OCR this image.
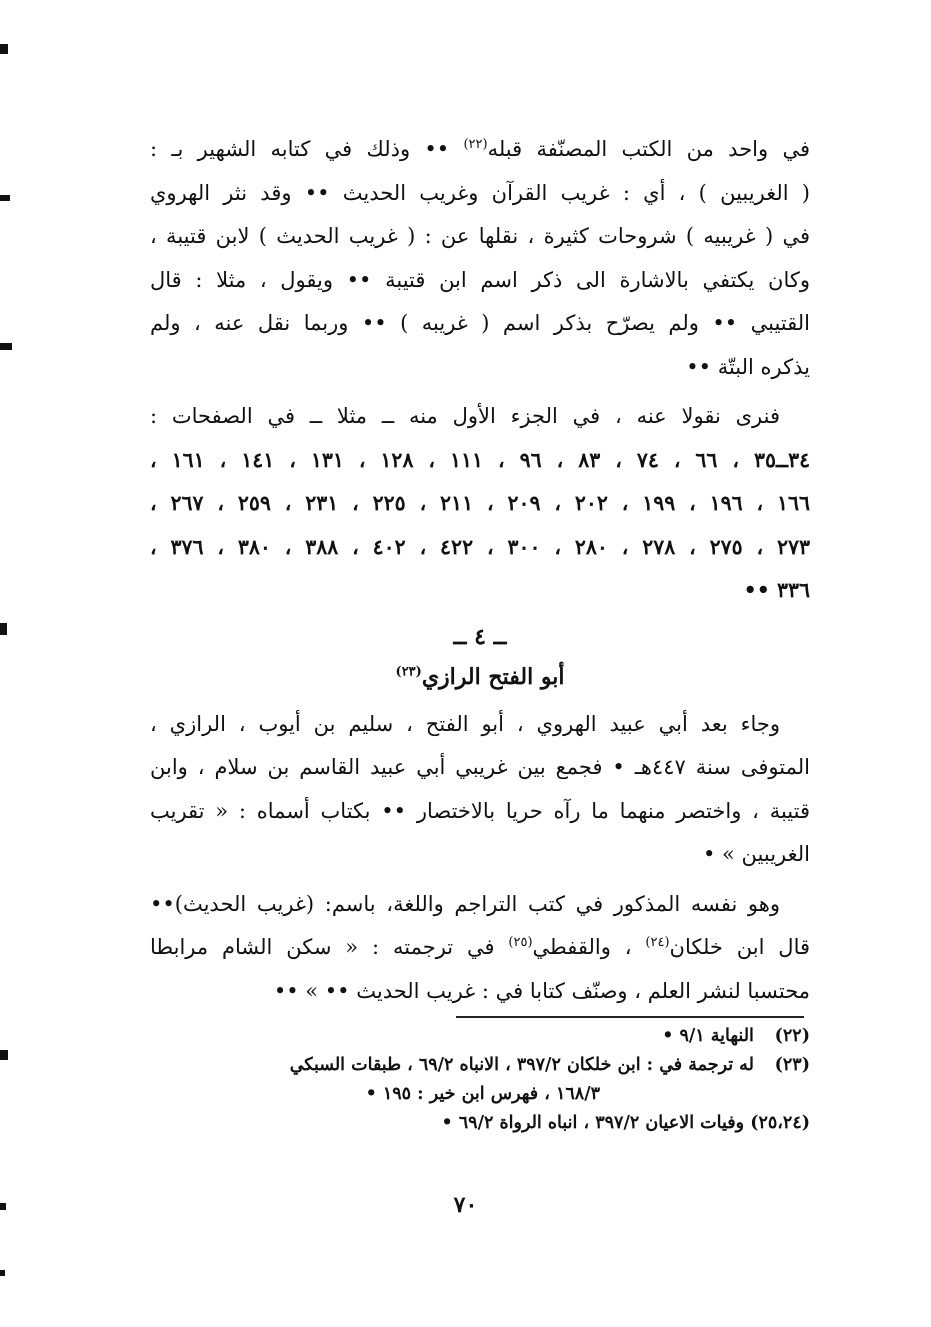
في واحد من الكتب المصنّفة قبله$^{(٢٢)}$ •• وذلك في كتابه الشهير بـ :
( الغريبين ) ، أي : غريب القرآن وغريب الحديث •• وقد نثر الهروي
في ( غريبيه ) شروحات كثيرة ، نقلها عن : ( غريب الحديث ) لابن قتيبة ،
وكان يكتفي بالاشارة الى ذكر اسم ابن قتيبة •• ويقول ، مثلا : قال
القتيبي •• ولم يصرّح بذكر اسم ( غريبه ) •• وربما نقل عنه ، ولم
يذكره البتّة ••
فنرى نقولا عنه ، في الجزء الأول منه ــ مثلا ــ في الصفحات :
٣٤ــ٣٥ ، ٦٦ ، ٧٤ ، ٨٣ ، ٩٦ ، ١١١ ، ١٢٨ ، ١٣١ ، ١٤١ ، ١٦١ ،
١٦٦ ، ١٩٦ ، ١٩٩ ، ٢٠٢ ، ٢٠٩ ، ٢١١ ، ٢٢٥ ، ٢٣١ ، ٢٥٩ ، ٢٦٧ ،
٢٧٣ ، ٢٧٥ ، ٢٧٨ ، ٢٨٠ ، ٣٠٠ ، ٤٢٢ ، ٤٠٢ ، ٣٨٨ ، ٣٨٠ ، ٣٧٦ ،
٣٣٦ ••
ــ ٤ ــ
أبو الفتح الرازي$^{(٢٣)}$
وجاء بعد أبي عبيد الهروي ، أبو الفتح ، سليم بن أيوب ، الرازي ،
المتوفى سنة ٤٤٧هـ • فجمع بين غريبي أبي عبيد القاسم بن سلام ، وابن
قتيبة ، واختصر منهما ما رآه حريا بالاختصار •• بكتاب أسماه : « تقريب
الغريبين » •
وهو نفسه المذكور في كتب التراجم واللغة، باسم: (غريب الحديث)••
قال ابن خلكان$^{(٢٤)}$ ، والقفطي$^{(٢٥)}$ في ترجمته : « سكن الشام مرابطا
محتسبا لنشر العلم ، وصنّف كتابا في : غريب الحديث •• » ••
(٢٢) النهاية ٩/١ •
(٢٣) له ترجمة في : ابن خلكان ٣٩٧/٢ ، الانباه ٦٩/٢ ، طبقات السبكي
١٦٨/٣ ، فهرس ابن خير : ١٩٥ •
(٢٥،٢٤) وفيات الاعيان ٣٩٧/٢ ، انباه الرواة ٦٩/٢ •
٧٠
